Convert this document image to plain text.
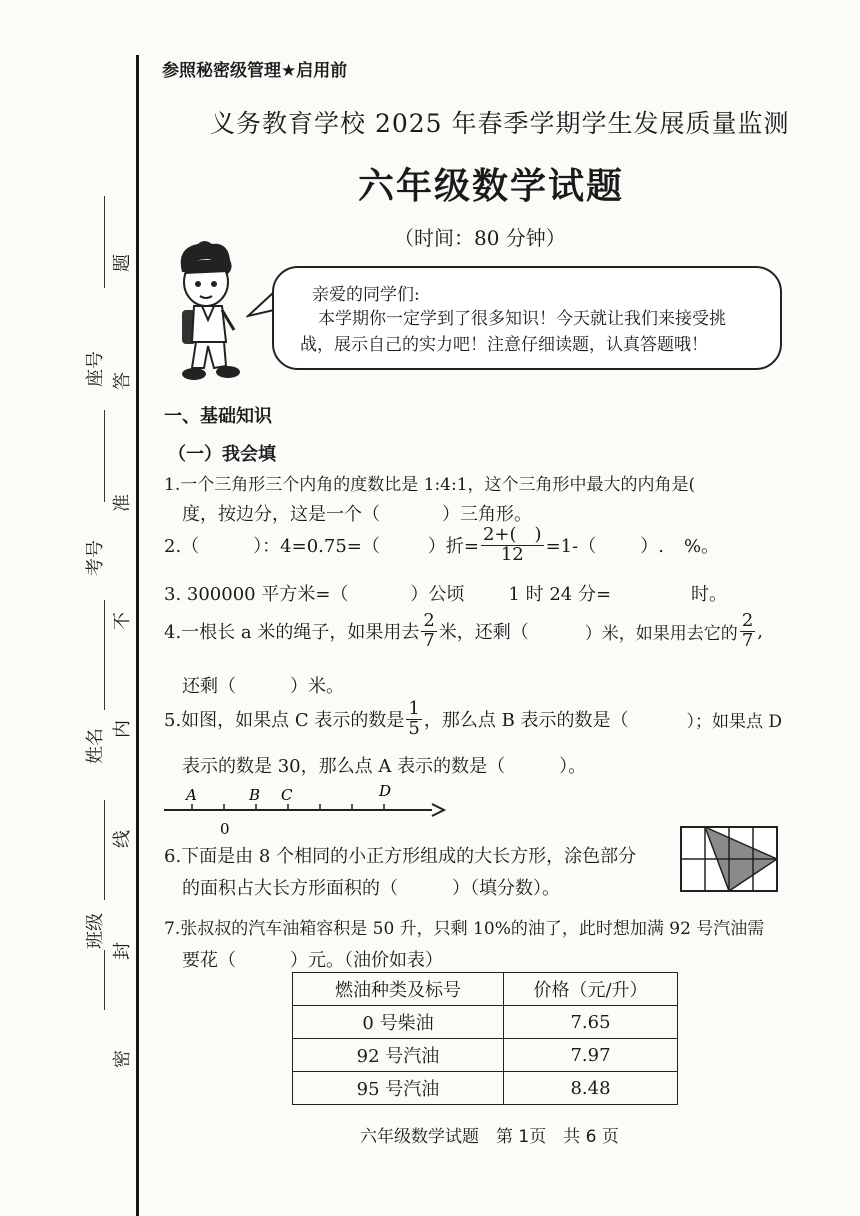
座号
考号
姓名
班级
题
答
准
不
内
线
封
密
参照秘密级管理★启用前
义务教育学校 2025 年春季学期学生发展质量监测
六年级数学试题
（时间：80 分钟）
亲爱的同学们:
本学期你一定学到了很多知识！今天就让我们来接受挑
战，展示自己的实力吧！注意仔细读题，认真答题哦！
一、基础知识
（一）我会填
1.一个三角形三个内角的度数比是 1:4:1，这个三角形中最大的内角是(
度，按边分，这是一个（	）三角形。
2.（	）：4=0.75=（	）折= $\frac{2+( )}{12} =1-$（ ）. %。
3. 300000 平方米=（	）公顷 1 时 24 分=	时。
4.一根长 a 米的绳子，如果用去 $\frac{2}{7}$ 米，还剩（	）米，如果用去它的 $\frac{2}{7}$ ,
还剩（　　　）米。
5.如图，如果点 C 表示的数是 $\frac{1}{5}$ ，那么点 B 表示的数是（	）；如果点 D
表示的数是 30，那么点 A 表示的数是（　　　）。
A	B C	D
0
6.下面是由 8 个相同的小正方形组成的大长方形，涂色部分
的面积占大长方形面积的（　　　）（填分数）。
7.张叔叔的汽车油箱容积是 50 升，只剩 10%的油了，此时想加满 92 号汽油需
要花（　　　）元。（油价如表）
燃油种类及标号	价格（元/升）
0 号柴油	7.65
92 号汽油	7.97
95 号汽油	8.48
六年级数学试题　第 1页　共 6 页
